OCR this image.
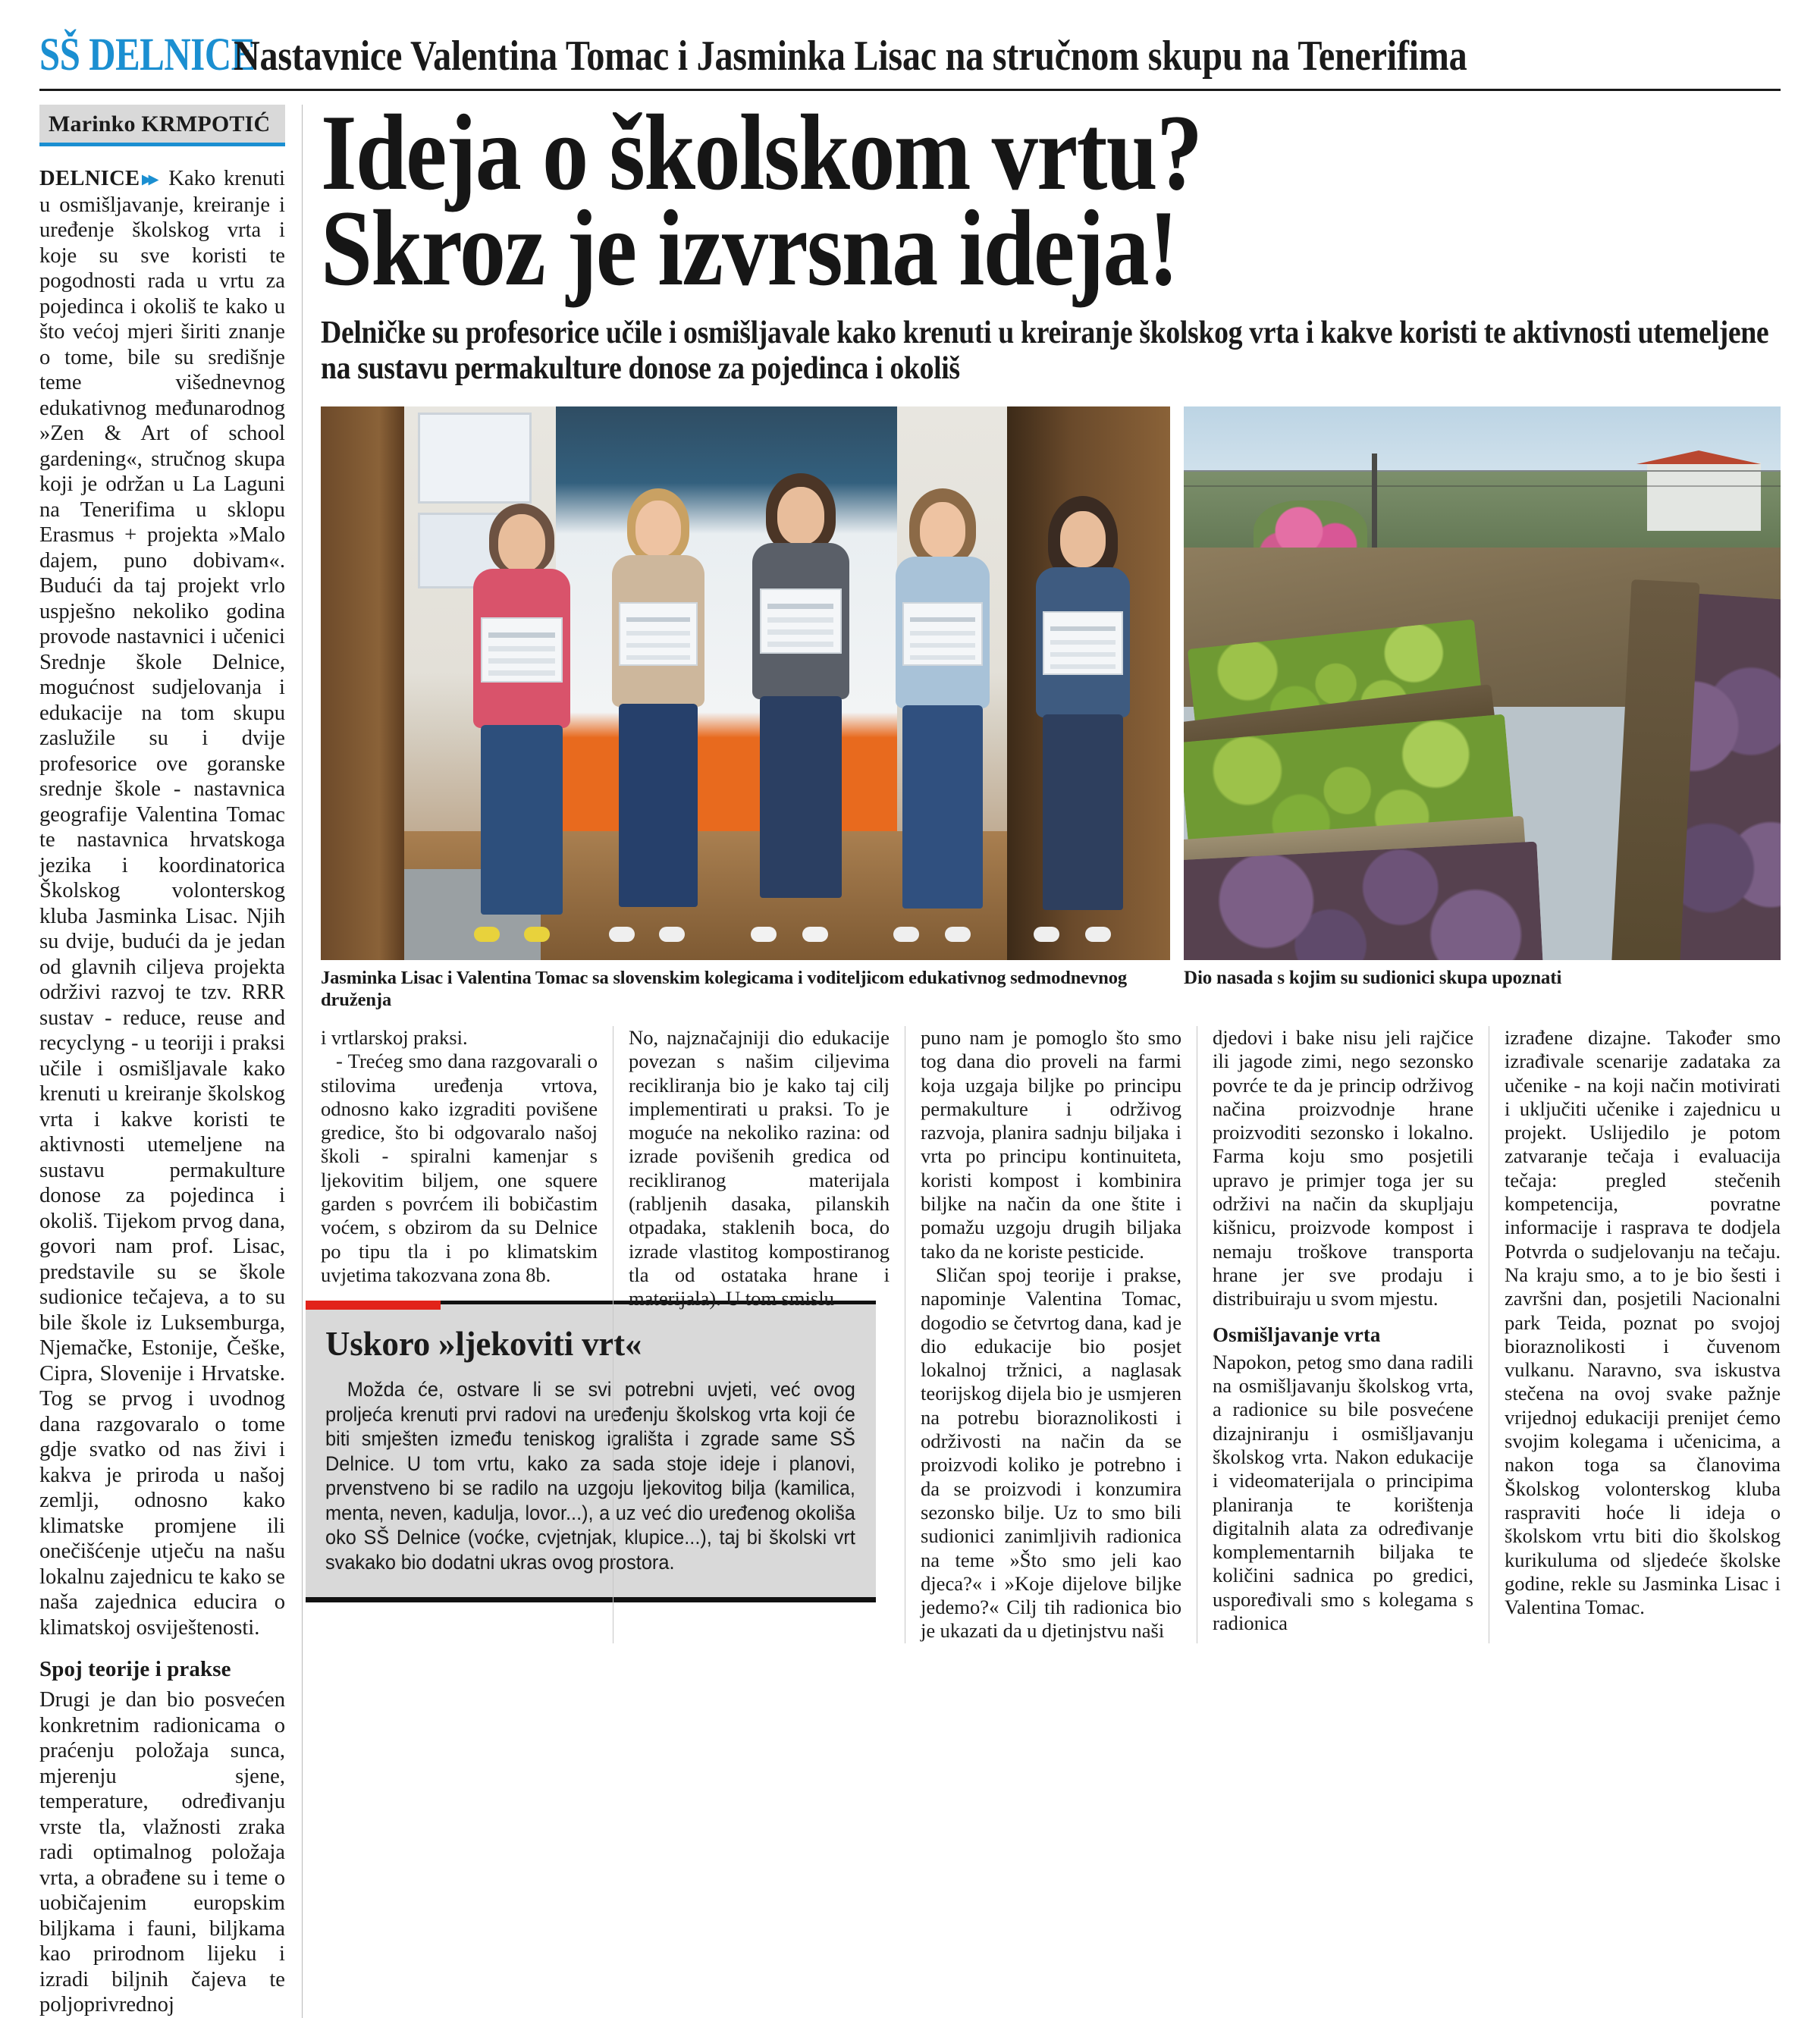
SŠ DELNICE
Nastavnice Valentina Tomac i Jasminka Lisac na stručnom skupu na Tenerifima
Marinko KRMPOTIĆ

DELNICE ▸▸ Kako krenuti u osmišljavanje, kreiranje i uređenje školskog vrta i koje su sve koristi te pogodnosti rada u vrtu za pojedinca i okoliš te kako u što većoj mjeri širiti znanje o tome, bile su središnje teme višednevnog edukativnog međunarodnog »Zen & Art of school gardening«, stručnog skupa koji je održan u La Laguni na Tenerifima u sklopu Erasmus + projekta »Malo dajem, puno dobivam«. Budući da taj projekt vrlo uspješno nekoliko godina provode nastavnici i učenici Srednje škole Delnice, mogućnost sudjelovanja i edukacije na tom skupu zaslužile su i dvije profesorice ove goranske srednje škole - nastavnica geografije Valentina Tomac te nastavnica hrvatskoga jezika i koordinatorica Školskog volonterskog kluba Jasminka Lisac. Njih su dvije, budući da je jedan od glavnih ciljeva projekta održivi razvoj te tzv. RRR sustav - reduce, reuse and recyclyng - u teoriji i praksi učile i osmišljavale kako krenuti u kreiranje školskog vrta i kakve koristi te aktivnosti utemeljene na sustavu permakulture donose za pojedinca i okoliš. Tijekom prvog dana, govori nam prof. Lisac, predstavile su se škole sudionice tečajeva, a to su bile škole iz Luksemburga, Njemačke, Estonije, Češke, Cipra, Slovenije i Hrvatske. Tog se prvog i uvodnog dana razgovaralo o tome gdje svatko od nas živi i kakva je priroda u našoj zemlji, odnosno kako klimatske promjene ili onečišćenje utječu na našu lokalnu zajednicu te kako se naša zajednica educira o klimatskoj osviještenosti.

Spoj teorije i prakse

Drugi je dan bio posvećen konkretnim radionicama o praćenju položaja sunca, mjerenju sjene, temperature, određivanju vrste tla, vlažnosti zraka radi optimalnog položaja vrta, a obrađene su i teme o uobičajenim europskim biljkama i fauni, biljkama kao prirodnom lijeku i izradi biljnih čajeva te poljoprivrednoj

Ideja o školskom vrtu?
Skroz je izvrsna ideja!
Delničke su profesorice učile i osmišljavale kako krenuti u kreiranje školskog vrta i kakve koristi te aktivnosti utemeljene na sustavu permakulture donose za pojedinca i okoliš
Jasminka Lisac i Valentina Tomac sa slovenskim kolegicama i voditeljicom edukativnog sedmodnevnog druženja
Dio nasada s kojim su sudionici skupa upoznati

i vrtlarskoj praksi.

- Trećeg smo dana razgovarali o stilovima uređenja vrtova, odnosno kako izgraditi povišene gredice, što bi odgovaralo našoj školi - spiralni kamenjar s ljekovitim biljem, one squere garden s povrćem ili bobičastim voćem, s obzirom da su Delnice po tipu tla i po klimatskim uvjetima takozvana zona 8b.

Uskoro »ljekoviti vrt«

Možda će, ostvare li se svi potrebni uvjeti, već ovog proljeća krenuti prvi radovi na uređenju školskog vrta koji će biti smješten između teniskog igrališta i zgrade same SŠ Delnice. U tom vrtu, kako za sada stoje ideje i planovi, prvenstveno bi se radilo na uzgoju ljekovitog bilja (kamilica, menta, neven, kadulja, lovor...), a uz već dio uređenog okoliša oko SŠ Delnice (voćke, cvjetnjak, klupice...), taj bi školski vrt svakako bio dodatni ukras ovog prostora.

No, najznačajniji dio edukacije povezan s našim ciljevima recikliranja bio je kako taj cilj implementirati u praksi. To je moguće na nekoliko razina: od izrade povišenih gredica od recikliranog materijala (rabljenih dasaka, pilanskih otpadaka, staklenih boca, do izrade vlastitog kompostiranog tla od ostataka hrane i materijala). U tom smislu

puno nam je pomoglo što smo tog dana dio proveli na farmi koja uzgaja biljke po principu permakulture i održivog razvoja, planira sadnju biljaka i vrta po principu kontinuiteta, koristi kompost i kombinira biljke na način da one štite i pomažu uzgoju drugih biljaka tako da ne koriste pesticide.

Sličan spoj teorije i prakse, napominje Valentina Tomac, dogodio se četvrtog dana, kad je dio edukacije bio posjet lokalnoj tržnici, a naglasak teorijskog dijela bio je usmjeren na potrebu bioraznolikosti i održivosti na način da se proizvodi koliko je potrebno i da se proizvodi i konzumira sezonsko bilje. Uz to smo bili sudionici zanimljivih radionica na teme »Što smo jeli kao djeca?« i »Koje dijelove biljke jedemo?« Cilj tih radionica bio je ukazati da u djetinjstvu naši

djedovi i bake nisu jeli rajčice ili jagode zimi, nego sezonsko povrće te da je princip održivog načina proizvodnje hrane proizvoditi sezonsko i lokalno. Farma koju smo posjetili upravo je primjer toga jer su održivi na način da skupljaju kišnicu, proizvode kompost i nemaju troškove transporta hrane jer sve prodaju i distribuiraju u svom mjestu.

Osmišljavanje vrta

Napokon, petog smo dana radili na osmišljavanju školskog vrta, a radionice su bile posvećene dizajniranju i osmišljavanju školskog vrta. Nakon edukacije i videomaterijala o principima planiranja te korištenja digitalnih alata za određivanje komplementarnih biljaka te količini sadnica po gredici, uspoređivali smo s kolegama s radionica

izrađene dizajne. Također smo izrađivale scenarije zadataka za učenike - na koji način motivirati i uključiti učenike i zajednicu u projekt. Uslijedilo je potom zatvaranje tečaja i evaluacija tečaja: pregled stečenih kompetencija, povratne informacije i rasprava te dodjela Potvrda o sudjelovanju na tečaju. Na kraju smo, a to je bio šesti i završni dan, posjetili Nacionalni park Teida, poznat po svojoj bioraznolikosti i čuvenom vulkanu. Naravno, sva iskustva stečena na ovoj svake pažnje vrijednoj edukaciji prenijet ćemo svojim kolegama i učenicima, a nakon toga sa članovima Školskog volonterskog kluba raspraviti hoće li ideja o školskom vrtu biti dio školskog kurikuluma od sljedeće školske godine, rekle su Jasminka Lisac i Valentina Tomac.
